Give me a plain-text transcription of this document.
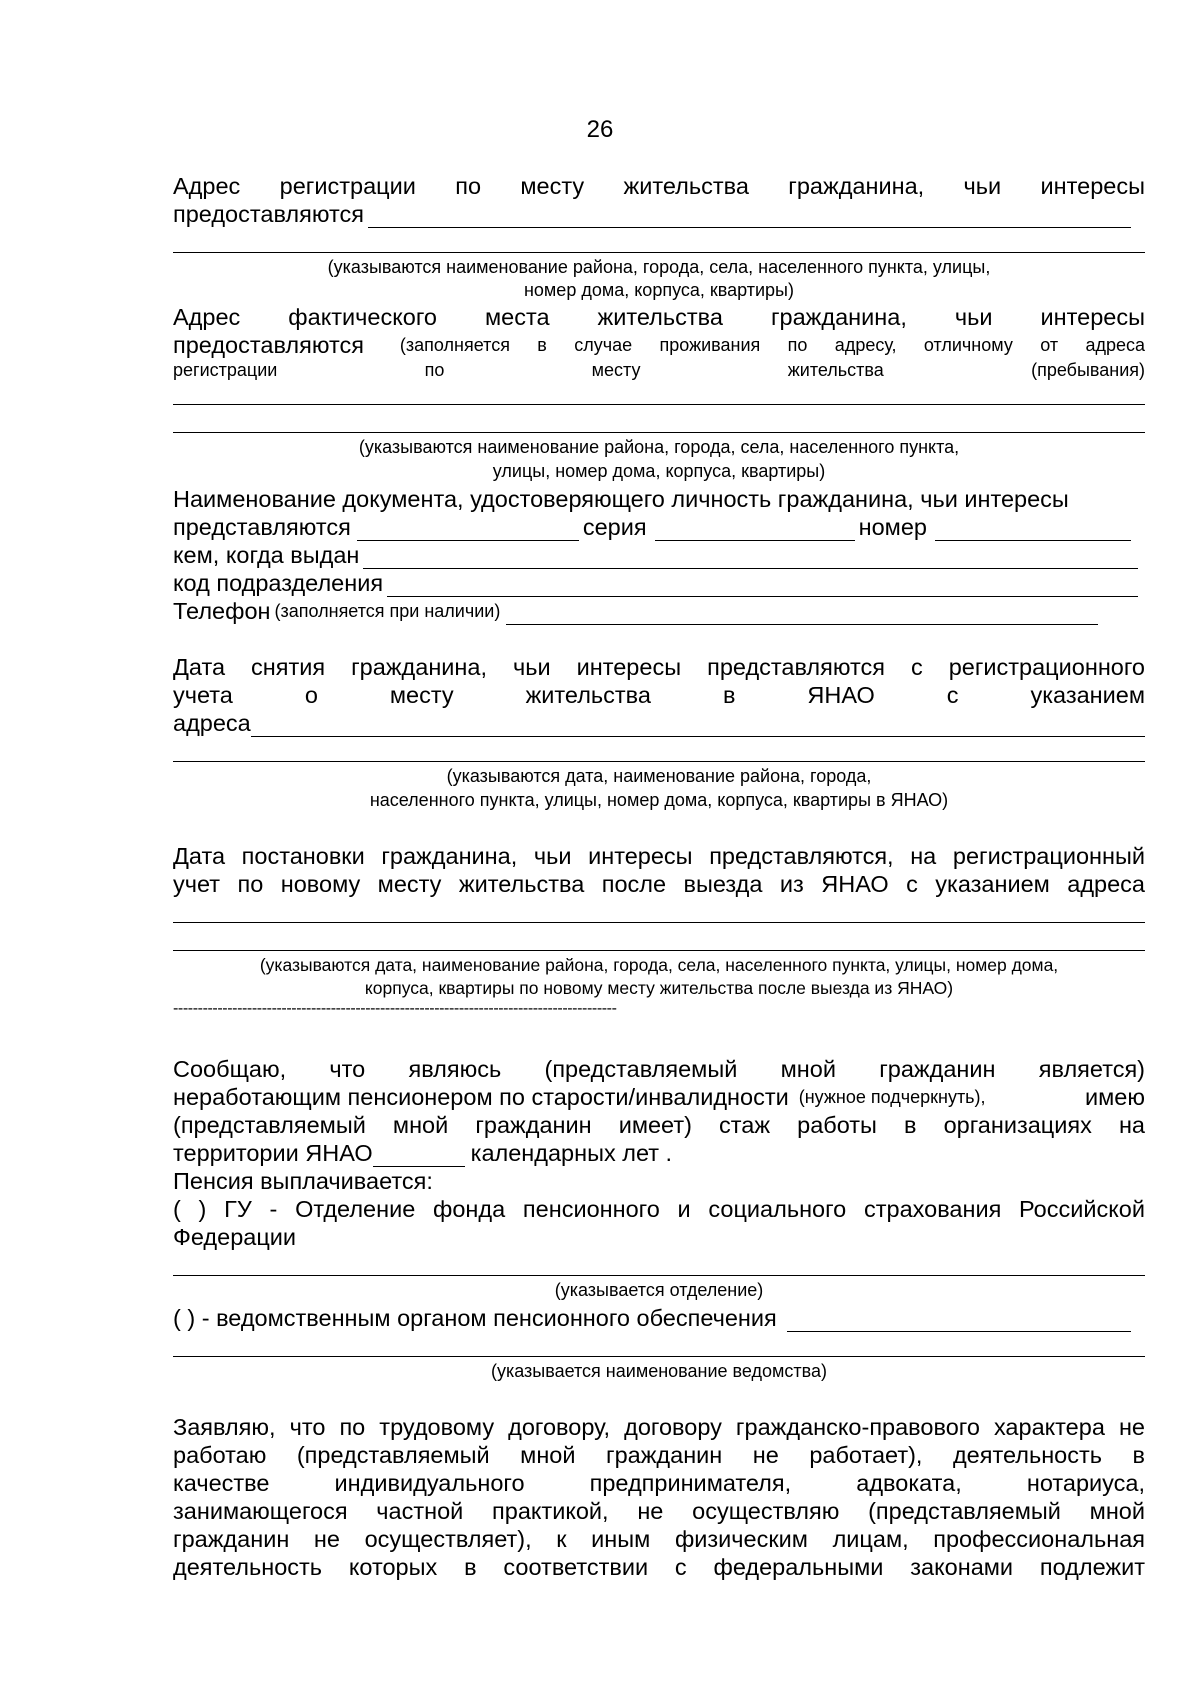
26
Адрес регистрации по месту жительства гражданина, чьи интересы
предоставляются
(указываются наименование района, города, села, населенного пункта, улицы,
номер дома, корпуса, квартиры)
Адрес фактического места жительства гражданина, чьи интересы
предоставляются (заполняется в случае проживания по адресу, отличному от адреса
регистрации по месту жительства (пребывания)
(указываются наименование района, города, села, населенного пункта,
улицы, номер дома, корпуса, квартиры)
Наименование документа, удостоверяющего личность гражданина, чьи интересы
представляются	серия	номер
кем, когда выдан
код подразделения
Телефон (заполняется при наличии)
Дата снятия гражданина, чьи интересы представляются с регистрационного
учета о месту жительства в ЯНАО с указанием
адреса
(указываются дата, наименование района, города,
населенного пункта, улицы, номер дома, корпуса, квартиры в ЯНАО)
Дата постановки гражданина, чьи интересы представляются, на регистрационный
учет по новому месту жительства после выезда из ЯНАО с указанием адреса
(указываются дата, наименование района, города, села, населенного пункта, улицы, номер дома,
корпуса, квартиры по новому месту жительства после выезда из ЯНАО)
------------------------------------------------------------------------------------------
Сообщаю, что являюсь (представляемый мной гражданин является)
неработающим пенсионером по старости/инвалидности (нужное подчеркнуть),	имею
(представляемый мной гражданин имеет) стаж работы в организациях на
территории ЯНАО	календарных лет .
Пенсия выплачивается:
( ) ГУ - Отделение фонда пенсионного и социального страхования Российской
Федерации
(указывается отделение)
( ) - ведомственным органом пенсионного обеспечения
(указывается наименование ведомства)
Заявляю, что по трудовому договору, договору гражданско-правового характера не
работаю (представляемый мной гражданин не работает), деятельность в
качестве индивидуального предпринимателя, адвоката, нотариуса,
занимающегося частной практикой, не осуществляю (представляемый мной
гражданин не осуществляет), к иным физическим лицам, профессиональная
деятельность которых в соответствии с федеральными законами подлежит
